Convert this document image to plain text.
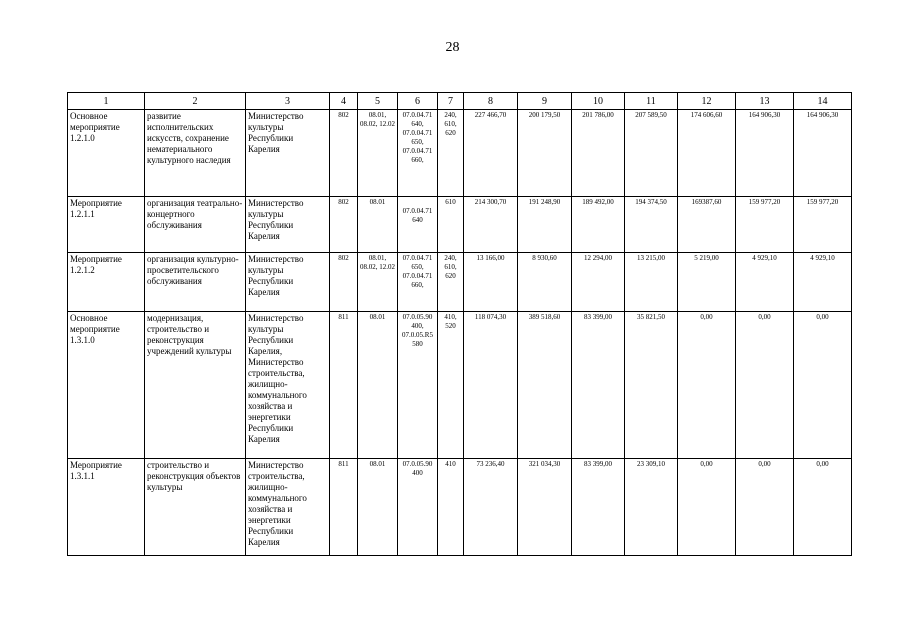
28
1	2	3	4	5	6	7	8	9	10	11	12	13	14
Основное мероприятие 1.2.1.0	развитие исполнительских искусств, сохранение нематериального культурного наследия	Министерство культуры Республики Карелия	802	08.01, 08.02, 12.02	07.0.04.71 640, 07.0.04.71 650, 07.0.04.71 660,	240, 610, 620	227 466,70	200 179,50	201 786,00	207 589,50	174 606,60	164 906,30	164 906,30
Мероприятие 1.2.1.1	организация театрально-концертного обслуживания	Министерство культуры Республики Карелия	802	08.01	07.0.04.71 640	610	214 300,70	191 248,90	189 492,00	194 374,50	169387,60	159 977,20	159 977,20
Мероприятие 1.2.1.2	организация культурно-просветительского обслуживания	Министерство культуры Республики Карелия	802	08.01, 08.02, 12.02	07.0.04.71 650, 07.0.04.71 660,	240, 610, 620	13 166,00	8 930,60	12 294,00	13 215,00	5 219,00	4 929,10	4 929,10
Основное мероприятие 1.3.1.0	модернизация, строительство и реконструкция учреждений культуры	Министерство культуры Республики Карелия, Министерство строительства, жилищно-коммунального хозяйства и энергетики Республики Карелия	811	08.01	07.0.05.90 400, 07.0.05.R5 580	410, 520	118 074,30	389 518,60	83 399,00	35 821,50	0,00	0,00	0,00
Мероприятие 1.3.1.1	строительство и реконструкция объектов культуры	Министерство строительства, жилищно-коммунального хозяйства и энергетики Республики Карелия	811	08.01	07.0.05.90 400	410	73 236,40	321 034,30	83 399,00	23 309,10	0,00	0,00	0,00
